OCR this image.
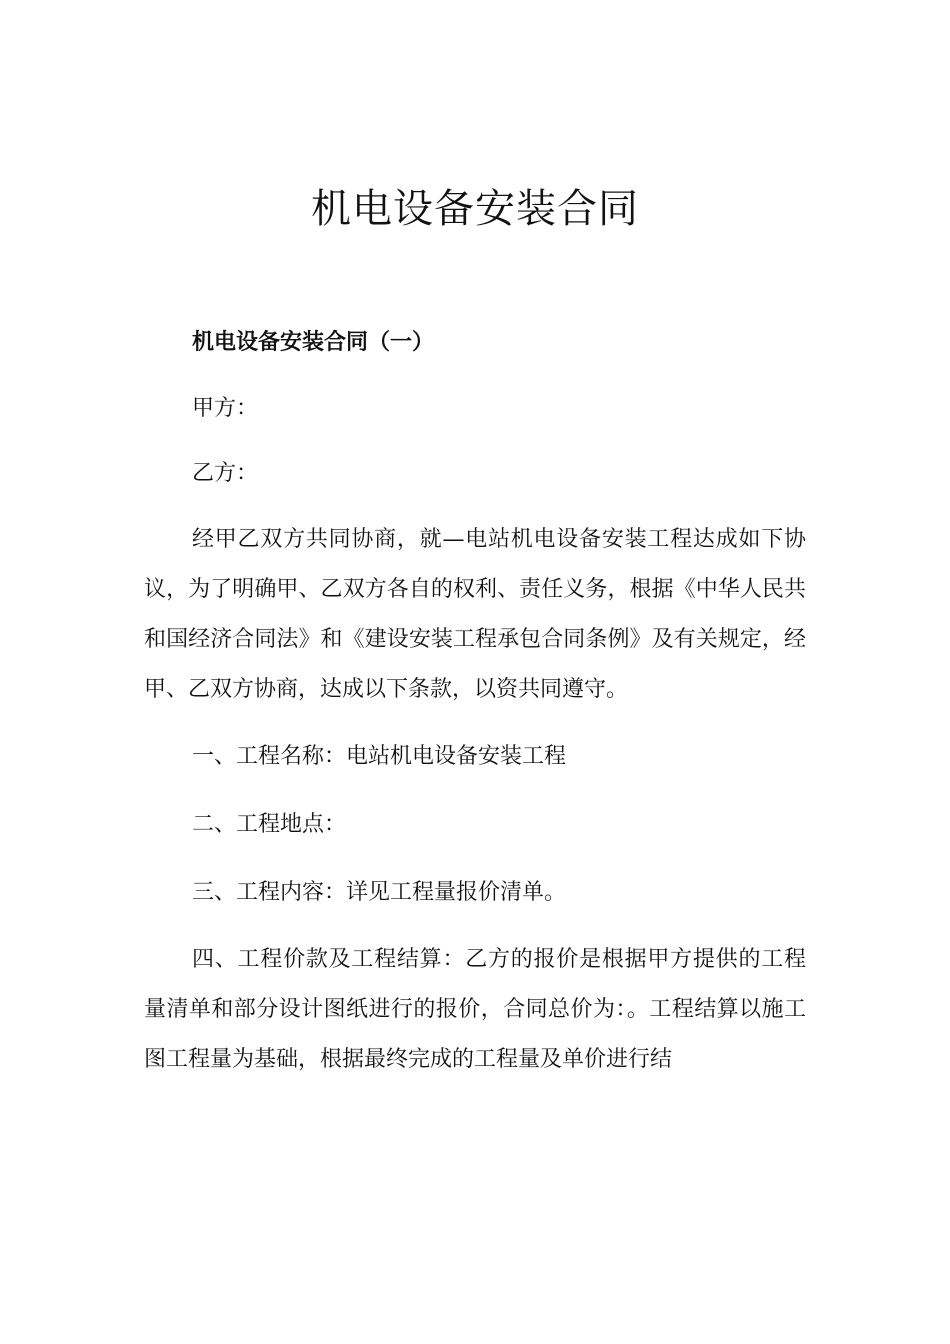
机电设备安装合同
机电设备安装合同（一）

甲方：

乙方：

经甲乙双方共同协商，就—电站机电设备安装工程达成如下协议，为了明确甲、乙双方各自的权利、责任义务，根据《中华人民共和国经济合同法》和《建设安装工程承包合同条例》及有关规定，经甲、乙双方协商，达成以下条款，以资共同遵守。

一、工程名称：电站机电设备安装工程

二、工程地点：

三、工程内容：详见工程量报价清单。

四、工程价款及工程结算：乙方的报价是根据甲方提供的工程量清单和部分设计图纸进行的报价，合同总价为：。工程结算以施工图工程量为基础，根据最终完成的工程量及单价进行结
